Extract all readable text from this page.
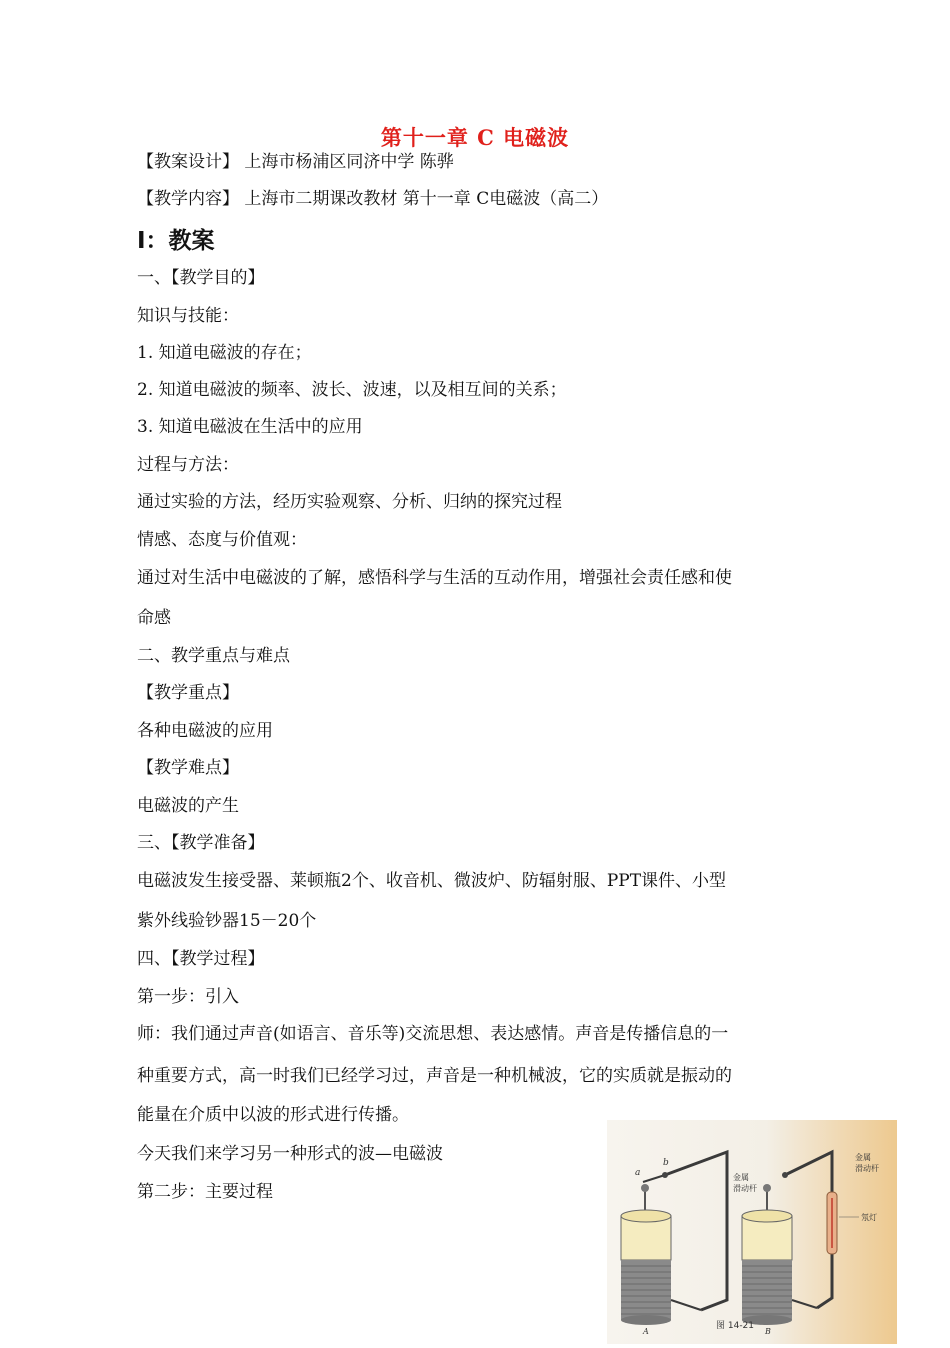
第十一章 C 电磁波
【教案设计】 上海市杨浦区同济中学 陈骅
【教学内容】 上海市二期课改教材 第十一章 C电磁波（高二）
Ⅰ：教案
一、【教学目的】
知识与技能：
1. 知道电磁波的存在；
2. 知道电磁波的频率、波长、波速，以及相互间的关系；
3. 知道电磁波在生活中的应用
过程与方法：
通过实验的方法，经历实验观察、分析、归纳的探究过程
情感、态度与价值观：
通过对生活中电磁波的了解，感悟科学与生活的互动作用，增强社会责任感和使
命感
二、教学重点与难点
【教学重点】
各种电磁波的应用
【教学难点】
电磁波的产生
三、【教学准备】
电磁波发生接受器、莱顿瓶2个、收音机、微波炉、防辐射服、PPT课件、小型
紫外线验钞器15－20个
四、【教学过程】
第一步：引入
师：我们通过声音(如语言、音乐等)交流思想、表达感情。声音是传播信息的一
种重要方式，高一时我们已经学习过，声音是一种机械波，它的实质就是振动的
能量在介质中以波的形式进行传播。
今天我们来学习另一种形式的波—电磁波
第二步：主要过程
a
b
金属
滑动杆
A
金属
滑动杆
氖灯
B
图 14-21
